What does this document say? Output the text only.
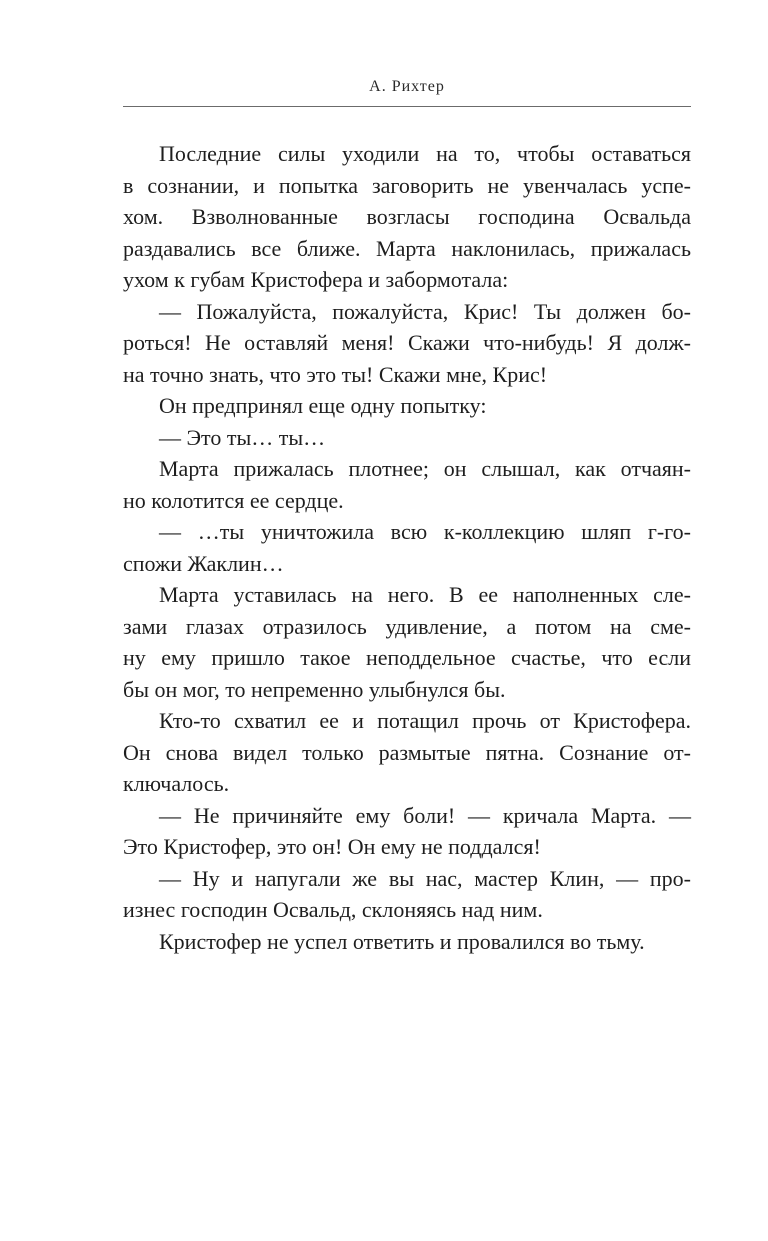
А. Рихтер
Последние силы уходили на то, чтобы оставаться
в сознании, и попытка заговорить не увенчалась успе-
хом. Взволнованные возгласы господина Освальда
раздавались все ближе. Марта наклонилась, прижалась
ухом к губам Кристофера и забормотала:
— Пожалуйста, пожалуйста, Крис! Ты должен бо-
роться! Не оставляй меня! Скажи что-нибудь! Я долж-
на точно знать, что это ты! Скажи мне, Крис!
Он предпринял еще одну попытку:
— Это ты… ты…
Марта прижалась плотнее; он слышал, как отчаян-
но колотится ее сердце.
— …ты уничтожила всю к-коллекцию шляп г-го-
спожи Жаклин…
Марта уставилась на него. В ее наполненных сле-
зами глазах отразилось удивление, а потом на сме-
ну ему пришло такое неподдельное счастье, что если
бы он мог, то непременно улыбнулся бы.
Кто-то схватил ее и потащил прочь от Кристофера.
Он снова видел только размытые пятна. Сознание от-
ключалось.
— Не причиняйте ему боли! — кричала Марта. —
Это Кристофер, это он! Он ему не поддался!
— Ну и напугали же вы нас, мастер Клин, — про-
изнес господин Освальд, склоняясь над ним.
Кристофер не успел ответить и провалился во тьму.
